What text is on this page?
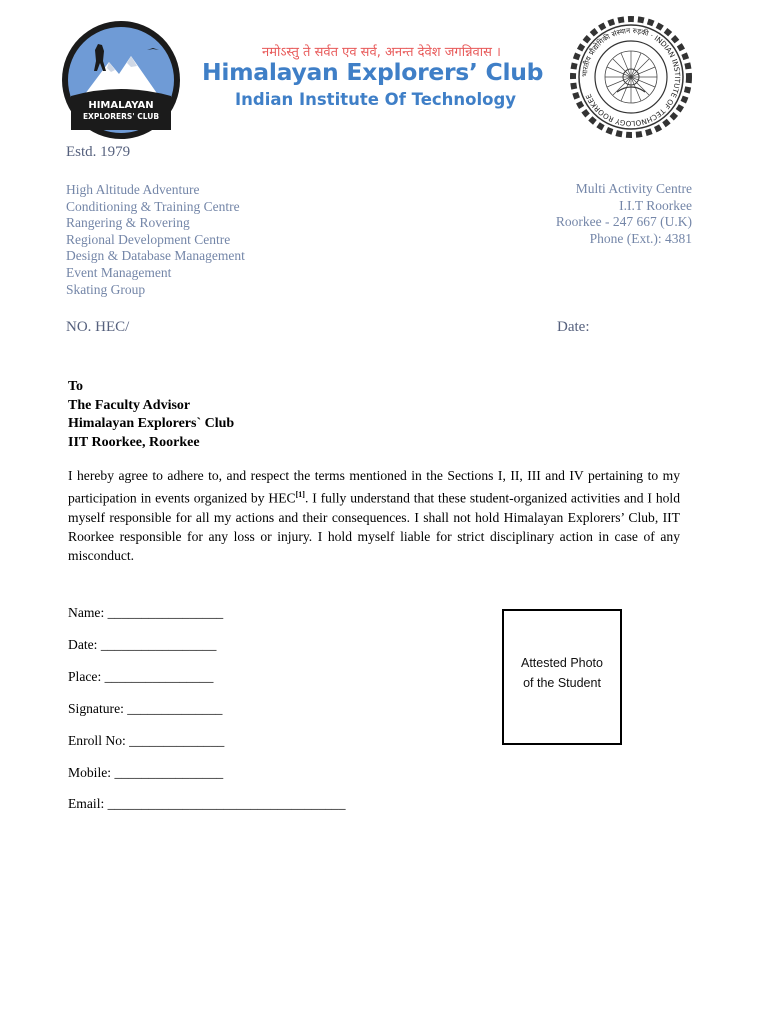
HIMALAYAN
EXPLORERS' CLUB
नमोऽस्तु ते सर्वत एव सर्व, अनन्त देवेश जगन्निवास ।
Himalayan Explorers’ Club
Indian Institute Of Technology
भारतीय प्रौद्योगिकी संस्थान रुड़की · INDIAN INSTITUTE OF TECHNOLOGY ROORKEE
Estd. 1979
High Altitude Adventure
Conditioning & Training Centre
Rangering & Rovering
Regional Development Centre
Design & Database Management
Event Management
Skating Group
Multi Activity Centre
I.I.T Roorkee
Roorkee - 247 667 (U.K)
Phone (Ext.): 4381
NO. HEC/	Date:
To
The Faculty Advisor
Himalayan Explorers` Club
IIT Roorkee, Roorkee
I hereby agree to adhere to, and respect the terms mentioned in the Sections I, II, III and IV pertaining to my participation in events organized by HEC[1]. I fully understand that these student-organized activities and I hold myself responsible for all my actions and their consequences. I shall not hold Himalayan Explorers’ Club, IIT Roorkee responsible for any loss or injury. I hold myself liable for strict disciplinary action in case of any misconduct.
Name: _________________
Date: _________________
Place: ________________
Signature: ______________
Enroll No: ______________
Mobile: ________________
Email: ___________________________________
Attested Photo
of the Student
